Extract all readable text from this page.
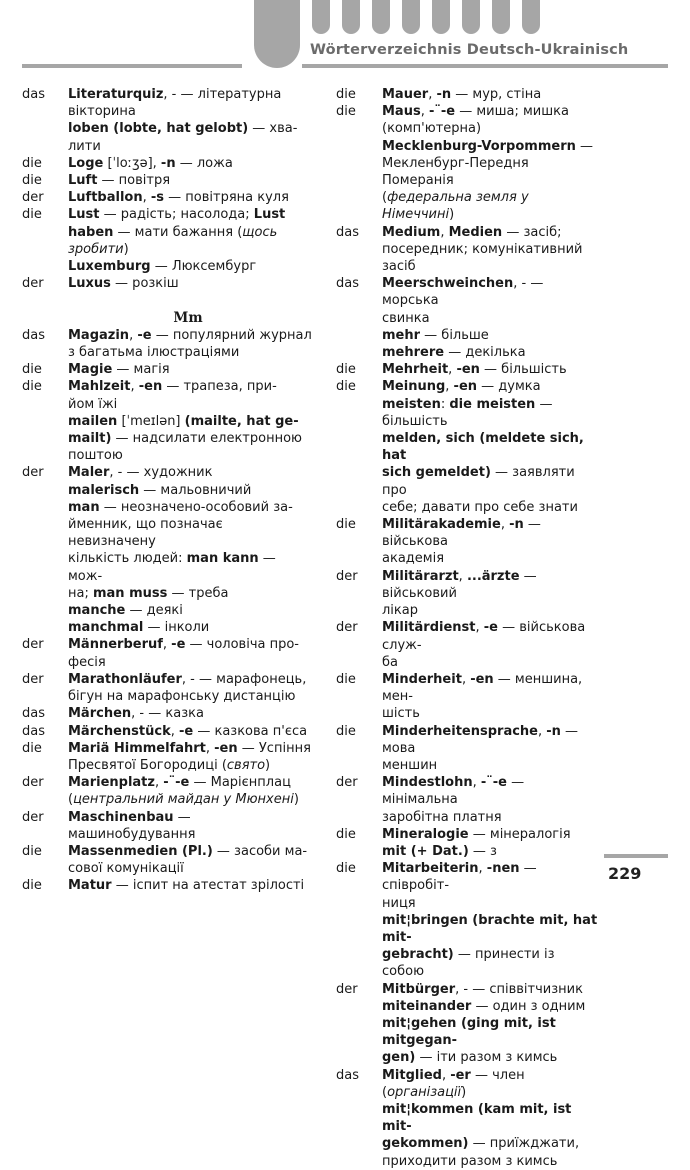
Wörterverzeichnis Deutsch-Ukrainisch
das	Literaturquiz, - — літературна
вікторина
loben (lobte, hat gelobt) — хва-
лити
die	Loge [ˈloːʒə], -n — ложа
die	Luft — повітря
der	Luftballon, -s — повітряна куля
die	Lust — радість; насолода; Lust
haben — мати бажання (щось
зробити)
Luxemburg — Люксембург
der	Luxus — розкіш
Mm
das	Magazin, -e — популярний журнал
з багатьма ілюстраціями
die	Magie — магія
die	Mahlzeit, -en — трапеза, при-
йом їжі
mailen [ˈmeɪlən] (mailte, hat ge-
mailt) — надсилати електронною
поштою
der	Maler, - — художник
malerisch — мальовничий
man — неозначено-особовий за-
йменник, що позначає невизначену
кількість людей: man kann — мож-
на; man muss — треба
manche — деякі
manchmal — інколи
der	Männerberuf, -e — чоловіча про-
фесія
der	Marathonläufer, - — марафонець,
бігун на марафонську дистанцію
das	Märchen, - — казка
das	Märchenstück, -e — казкова п'єса
die	Mariä Himmelfahrt, -en — Успіння
Пресвятої Богородиці (свято)
der	Marienplatz, -¨-e — Марієнплац
(центральний майдан у Мюнхені)
der	Maschinenbau — машинобудування
die	Massenmedien (Pl.) — засоби ма-
сової комунікації
die	Matur — іспит на атестат зрілості
die	Mauer, -n — мур, стіна
die	Maus, -¨-e — миша; мишка
(комп'ютерна)
Mecklenburg-Vorpommern —
Мекленбург-Передня Померанія
(федеральна земля у Німеччині)
das	Medium, Medien — засіб;
посередник; комунікативний засіб
das	Meerschweinchen, - — морська
свинка
mehr — більше
mehrere — декілька
die	Mehrheit, -en — більшість
die	Meinung, -en — думка
meisten: die meisten — більшість
melden, sich (meldete sich, hat
sich gemeldet) — заявляти про
себе; давати про себе знати
die	Militärakademie, -n — військова
академія
der	Militärarzt, ...ärzte — військовий
лікар
der	Militärdienst, -e — військова служ-
ба
die	Minderheit, -en — меншина, мен-
шість
die	Minderheitensprache, -n — мова
меншин
der	Mindestlohn, -¨-e — мінімальна
заробітна платня
die	Mineralogie — мінералогія
mit (+ Dat.) — з
die	Mitarbeiterin, -nen — співробіт-
ниця
mit¦bringen (brachte mit, hat mit-
gebracht) — принести із собою
der	Mitbürger, - — співвітчизник
miteinander — один з одним
mit¦gehen (ging mit, ist mitgegan-
gen) — іти разом з кимсь
das	Mitglied, -er — член (організації)
mit¦kommen (kam mit, ist mit-
gekommen) — приїжджати,
приходити разом з кимсь
229
